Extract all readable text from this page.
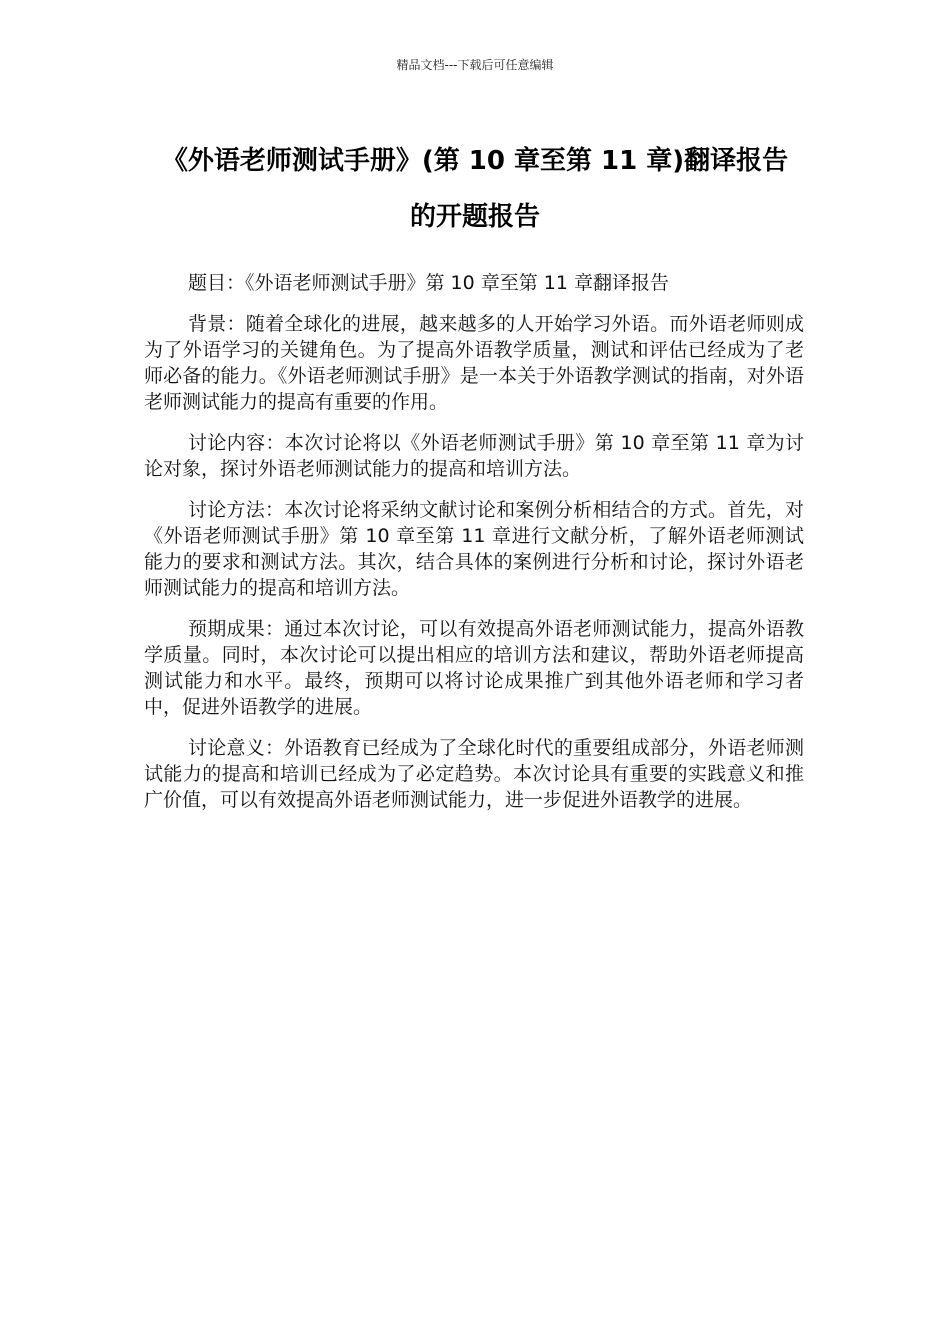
精品文档---下载后可任意编辑
《外语老师测试手册》(第 10 章至第 11 章)翻译报告
的开题报告

题目：《外语老师测试手册》第 10 章至第 11 章翻译报告

背景：随着全球化的进展，越来越多的人开始学习外语。而外语老师则成为了外语学习的关键角色。为了提高外语教学质量，测试和评估已经成为了老师必备的能力。《外语老师测试手册》是一本关于外语教学测试的指南，对外语老师测试能力的提高有重要的作用。

讨论内容：本次讨论将以《外语老师测试手册》第 10 章至第 11 章为讨论对象，探讨外语老师测试能力的提高和培训方法。

讨论方法：本次讨论将采纳文献讨论和案例分析相结合的方式。首先，对《外语老师测试手册》第 10 章至第 11 章进行文献分析，了解外语老师测试能力的要求和测试方法。其次，结合具体的案例进行分析和讨论，探讨外语老师测试能力的提高和培训方法。

预期成果：通过本次讨论，可以有效提高外语老师测试能力，提高外语教学质量。同时，本次讨论可以提出相应的培训方法和建议，帮助外语老师提高测试能力和水平。最终，预期可以将讨论成果推广到其他外语老师和学习者中，促进外语教学的进展。

讨论意义：外语教育已经成为了全球化时代的重要组成部分，外语老师测试能力的提高和培训已经成为了必定趋势。本次讨论具有重要的实践意义和推广价值，可以有效提高外语老师测试能力，进一步促进外语教学的进展。
